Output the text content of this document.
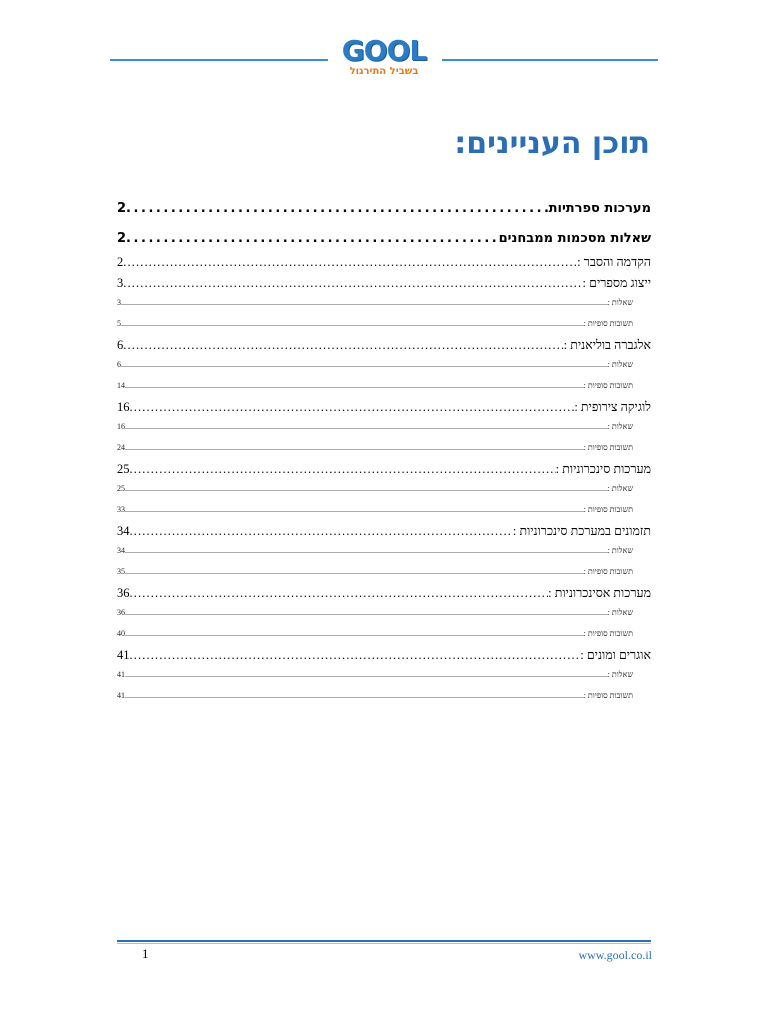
GOOL
בשביל התירגול
תוכן העניינים:
מערכות ספרתיות
. . .
2
שאלות מסכמות ממבחנים
. . .
2
הקדמה והסבר :
. . .
2
ייצוג מספרים :
. . .
3
שאלות :
. . .
3
תשובות סופיות :
. . .
5
אלגברה בוליאנית :
. . .
6
שאלות :
. . .
6
תשובות סופיות :
. . .
14
לוגיקה צירופית :
. . .
16
שאלות :
. . .
16
תשובות סופיות :
. . .
24
מערכות סינכרוניות :
. . .
25
שאלות :
. . .
25
תשובות סופיות :
. . .
33
תזמונים במערכת סינכרוניות :
. . .
34
שאלות :
. . .
34
תשובות סופיות :
. . .
35
מערכות אסינכרוניות :
. . .
36
שאלות :
. . .
36
תשובות סופיות :
. . .
40
אוגרים ומונים :
. . .
41
שאלות :
. . .
41
תשובות סופיות :
. . .
41
1	www.gool.co.il
